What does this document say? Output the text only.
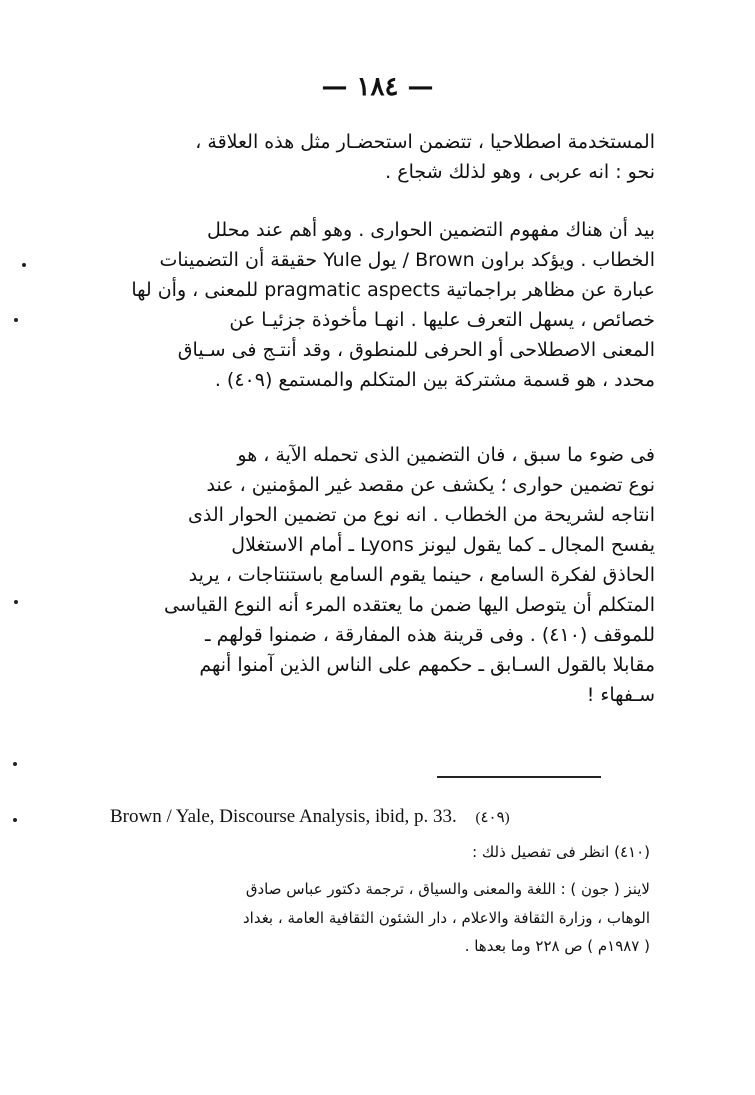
— ١٨٤ —
المستخدمة اصطلاحيا ، تتضمن استحضـار مثل هذه العلاقة ،
نحو : انه عربى ، وهو لذلك شجاع .
بيد أن هناك مفهوم التضمين الحوارى . وهو أهم عند محلل
الخطاب . ويؤكد براون Brown / يول Yule حقيقة أن التضمينات
عبارة عن مظاهر براجماتية pragmatic aspects للمعنى ، وأن لها
خصائص ، يسهل التعرف عليها . انهـا مأخوذة جزئيـا عن
المعنى الاصطلاحى أو الحرفى للمنطوق ، وقد أنتـج فى سـياق
محدد ، هو قسمة مشتركة بين المتكلم والمستمع (٤٠٩) .
فى ضوء ما سبق ، فان التضمين الذى تحمله الآية ، هو
نوع تضمين حوارى ؛ يكشف عن مقصد غير المؤمنين ، عند
انتاجه لشريحة من الخطاب . انه نوع من تضمين الحوار الذى
يفسح المجال ـ كما يقول ليونز Lyons ـ أمام الاستغلال
الحاذق لفكرة السامع ، حينما يقوم السامع باستنتاجات ، يريد
المتكلم أن يتوصل اليها ضمن ما يعتقده المرء أنه النوع القياسى
للموقف (٤١٠) . وفى قرينة هذه المفارقة ، ضمنوا قولهم ـ
مقابلا بالقول السـابق ـ حكمهم على الناس الذين آمنوا أنهم
سـفهاء !
Brown / Yale, Discourse Analysis, ibid, p. 33. (٤٠٩)
(٤١٠) انظر فى تفصيل ذلك :
لاينز ( جون ) : اللغة والمعنى والسياق ، ترجمة دكتور عباس صادق
الوهاب ، وزارة الثقافة والاعلام ، دار الشئون الثقافية العامة ، بغداد
( ١٩٨٧م ) ص ٢٢٨ وما بعدها .
